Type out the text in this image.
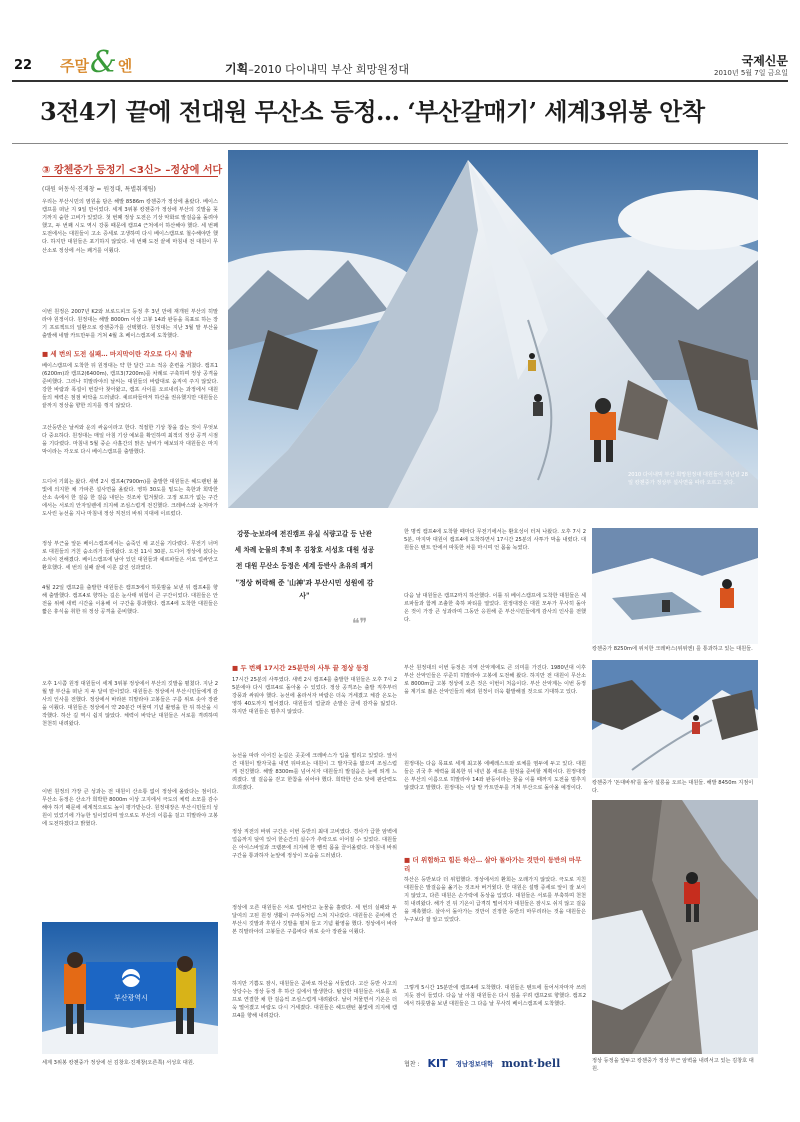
22 주말 & 엔	기획–2010 다이내믹 부산 희망원정대
국제신문
2010년 5월 7일 금요일
3전4기 끝에 전대원 무산소 등정… ‘부산갈매기’ 세계3위봉 안착
③ 캉첸중가 등정기 <3신> –정상에 서다
(대원 허동석·진재창 = 원정대, 특별취재팀)
우리는 부산시민의 염원을 담은 해발 8586m 캉첸중가 정상에 올랐다. 베이스캠프를 떠난 지 9일 만이었다. 세계 3위봉 캉첸중가 정상에 부산의 깃발을 꽂기까지 숱한 고비가 있었다. 첫 번째 정상 도전은 기상 악화로 발걸음을 돌려야 했고, 두 번째 시도 역시 강풍 때문에 캠프4 근처에서 하산해야 했다. 세 번째 도전에서는 대원들이 고소 증세로 고생하며 다시 베이스캠프로 철수해야만 했다. 하지만 대원들은 포기하지 않았다. 네 번째 도전 끝에 마침내 전 대원이 무산소로 정상에 서는 쾌거를 이뤘다.
이번 원정은 2007년 K2와 브로드피크 등정 후 3년 만에 재개된 부산의 히말라야 원정이다. 원정대는 해발 8000m 이상 고봉 14좌 완등을 목표로 하는 장기 프로젝트의 일환으로 캉첸중가를 선택했다. 원정대는 지난 3월 말 부산을 출발해 네팔 카트만두를 거쳐 4월 초 베이스캠프에 도착했다.
■ 세 번의 도전 실패… 마지막이란 각오로 다시 출발
베이스캠프에 도착한 뒤 원정대는 약 한 달간 고소 적응 훈련을 거쳤다. 캠프1(6200m)과 캠프2(6400m), 캠프3(7200m)를 차례로 구축하며 정상 공격을 준비했다. 그러나 히말라야의 날씨는 대원들의 바람대로 움직여 주지 않았다. 강한 바람과 폭설이 번갈아 찾아왔고, 캠프 사이를 오르내리는 과정에서 대원들의 체력은 점점 바닥을 드러냈다. 셰르파들마저 하산을 권유했지만 대원들은 끝까지 정상을 향한 의지를 꺾지 않았다.
고산등반은 날씨와 운의 싸움이라고 한다. 적절한 기상 창을 잡는 것이 무엇보다 중요하다. 원정대는 매일 아침 기상 예보를 확인하며 최적의 정상 공격 시점을 기다렸다. 마침내 5월 중순 사흘간의 맑은 날씨가 예보되자 대원들은 마지막이라는 각오로 다시 베이스캠프를 출발했다.
드디어 기회는 왔다. 새벽 2시 캠프4(7900m)를 출발한 대원들은 헤드랜턴 불빛에 의지한 채 가파른 설사면을 올랐다. 영하 30도를 밑도는 혹한과 희박한 산소 속에서 한 걸음 한 걸음 내딛는 것조차 힘겨웠다. 고정 로프가 없는 구간에서는 서로의 안자일렌에 의지해 조심스럽게 전진했다. 크레바스와 눈처마가 도사린 능선을 지나 마침내 정상 직전의 바위 지대에 이르렀다.
정상 부근을 앞둔 베이스캠프에서는 숨죽인 채 교신을 기다렸다. 무전기 너머로 대원들의 거친 숨소리가 들려왔다. 오전 11시 30분, 드디어 정상에 섰다는 소식이 전해졌다. 베이스캠프에 남아 있던 대원들과 셰르파들은 서로 얼싸안고 환호했다. 세 번의 실패 끝에 이룬 값진 성과였다.
4월 22일 캠프2를 출발한 대원들은 캠프3에서 하룻밤을 보낸 뒤 캠프4를 향해 출발했다. 캠프4로 향하는 길은 눈사태 위험이 큰 구간이었다. 대원들은 안전을 위해 새벽 시간을 이용해 이 구간을 통과했다. 캠프4에 도착한 대원들은 짧은 휴식을 취한 뒤 정상 공격을 준비했다.
오후 1시쯤 원정 대원들이 세계 3위봉 정상에서 부산의 깃발을 펼쳤다. 지난 2월 말 부산을 떠난 지 두 달여 만이었다. 대원들은 정상에서 부산시민들에게 감사의 인사를 전했다. 정상에서 바라본 히말라야 고봉들은 구름 위로 솟아 장관을 이뤘다. 대원들은 정상에서 약 20분간 머물며 기념 촬영을 한 뒤 하산을 시작했다. 하산 길 역시 쉽지 않았다. 체력이 바닥난 대원들은 서로를 격려하며 천천히 내려왔다.
이번 원정의 가장 큰 성과는 전 대원이 산소통 없이 정상에 올랐다는 점이다. 무산소 등정은 산소가 희박한 8000m 이상 고지에서 극도의 체력 소모를 감수해야 하기 때문에 세계적으로도 높이 평가받는다. 원정대장은 부산시민들의 성원이 있었기에 가능한 일이었다며 앞으로도 부산의 이름을 걸고 히말라야 고봉에 도전하겠다고 밝혔다.
부산광역시
세계 3위봉 캉첸중가 정상에 선 김창호·진재창(오른쪽) 서성호 대원.
2010 다이내믹 부산 희망원정대 대원들이 지난달 28일 캉첸중가 정상부 설사면을 따라 오르고 있다.

강풍·눈보라에 전진캠프 유실 식량고갈 등 난관

세 차례 눈물의 후퇴 후 김창호 서성호 대원 성공

전 대원 무산소 등정은 세계 등반사 초유의 쾌거

"정상 허락해 준 '山神'과 부산시민 성원에 감사"

❝❞
■ 두 번째 17시간 25분만의 사투 끝 정상 등정
17시간 25분의 사투였다. 새벽 2시 캠프4를 출발한 대원들은 오후 7시 25분에야 다시 캠프4로 돌아올 수 있었다. 정상 공격조는 출발 직후부터 강풍과 싸워야 했다. 능선에 올라서자 바람은 더욱 거세졌고 체감 온도는 영하 40도까지 떨어졌다. 대원들의 얼굴과 손발은 금세 감각을 잃었다. 하지만 대원들은 멈추지 않았다.
능선을 따라 이어진 눈길은 곳곳에 크레바스가 입을 벌리고 있었다. 앞서 간 대원이 발자국을 내면 뒤따르는 대원이 그 발자국을 밟으며 조심스럽게 전진했다. 해발 8300m를 넘어서자 대원들의 발걸음은 눈에 띄게 느려졌다. 열 걸음을 걷고 한참을 쉬어야 했다. 희박한 산소 탓에 판단력도 흐려졌다.
정상 직전의 바위 구간은 이번 등반의 최대 고비였다. 경사가 급한 암벽에 얼음까지 덮여 있어 한순간의 실수가 추락으로 이어질 수 있었다. 대원들은 아이스바일과 크램폰에 의지해 한 뼘씩 몸을 끌어올렸다. 마침내 바위 구간을 통과하자 눈앞에 정상이 모습을 드러냈다.
정상에 오른 대원들은 서로 얼싸안고 눈물을 흘렸다. 세 번의 실패와 두 달여의 고된 원정 생활이 주마등처럼 스쳐 지나갔다. 대원들은 준비해 간 부산시 깃발과 후원사 깃발을 펼쳐 들고 기념 촬영을 했다. 정상에서 바라본 히말라야의 고봉들은 구름바다 위로 솟아 장관을 이뤘다.
하지만 기쁨도 잠시, 대원들은 곧바로 하산을 서둘렀다. 고산 등반 사고의 상당수는 정상 등정 후 하산 길에서 발생한다. 탈진한 대원들은 서로를 로프로 연결한 채 한 걸음씩 조심스럽게 내려왔다. 날이 저물면서 기온은 더욱 떨어졌고 바람도 다시 거세졌다. 대원들은 헤드랜턴 불빛에 의지해 캠프4를 향해 내려갔다.
한 명씩 캠프4에 도착할 때마다 무전기에서는 환호성이 터져 나왔다. 오후 7시 25분, 마지막 대원이 캠프4에 도착하면서 17시간 25분의 사투가 막을 내렸다. 대원들은 텐트 안에서 따뜻한 차를 마시며 언 몸을 녹였다.
다음 날 대원들은 캠프2까지 하산했다. 이틀 뒤 베이스캠프에 도착한 대원들은 셰르파들과 함께 조촐한 축하 파티를 열었다. 원정대장은 대원 모두가 무사히 돌아온 것이 가장 큰 성과라며 그동안 응원해 준 부산시민들에게 감사의 인사를 전했다.
부산 원정대의 이번 등정은 지역 산악계에도 큰 의미를 가진다. 1980년대 이후 부산 산악인들은 꾸준히 히말라야 고봉에 도전해 왔다. 하지만 전 대원이 무산소로 8000m급 고봉 정상에 오른 것은 이번이 처음이다. 부산 산악계는 이번 등정을 계기로 젊은 산악인들의 해외 원정이 더욱 활발해질 것으로 기대하고 있다.
원정대는 다음 목표로 세계 최고봉 에베레스트와 로체를 염두에 두고 있다. 대원들은 귀국 후 체력을 회복한 뒤 내년 봄 새로운 원정을 준비할 계획이다. 원정대장은 부산의 이름으로 히말라야 14좌 완등이라는 꿈을 이룰 때까지 도전을 멈추지 않겠다고 말했다. 원정대는 이달 말 카트만두를 거쳐 부산으로 돌아올 예정이다.
■ 더 위험하고 힘든 하산… 살아 돌아가는 것만이 등반의 마무리
하산은 등반보다 더 위험했다. 정상에서의 환희는 오래가지 않았다. 극도로 지친 대원들은 발걸음을 옮기는 것조차 버거웠다. 한 대원은 설맹 증세로 앞이 잘 보이지 않았고, 다른 대원은 손가락에 동상을 입었다. 대원들은 서로를 부축하며 천천히 내려왔다. 해가 진 뒤 기온이 급격히 떨어지자 대원들은 잠시도 쉬지 않고 걸음을 재촉했다. 살아서 돌아가는 것만이 진정한 등반의 마무리라는 것을 대원들은 누구보다 잘 알고 있었다.
그렇게 5시간 15분만에 캠프4에 도착했다. 대원들은 텐트에 들어서자마자 쓰러지듯 잠이 들었다. 다음 날 아침 대원들은 다시 짐을 꾸려 캠프2로 향했다. 캠프2에서 하룻밤을 보낸 대원들은 그 다음 날 무사히 베이스캠프에 도착했다.
협찬 : KIT 경남정보대학 mont·bell
캉첸중가 8250m에 위치한 크레바스(위위엔) 를 통과하고 있는 대원들.
캉첸중가 '돈대바위'를 돌아 설릉을 오르는 대원들. 해발 8450m 지점이다.
정상 등정을 앞두고 캉첸중가 정상 부근 암벽을 내려서고 있는 김창호 대원.
